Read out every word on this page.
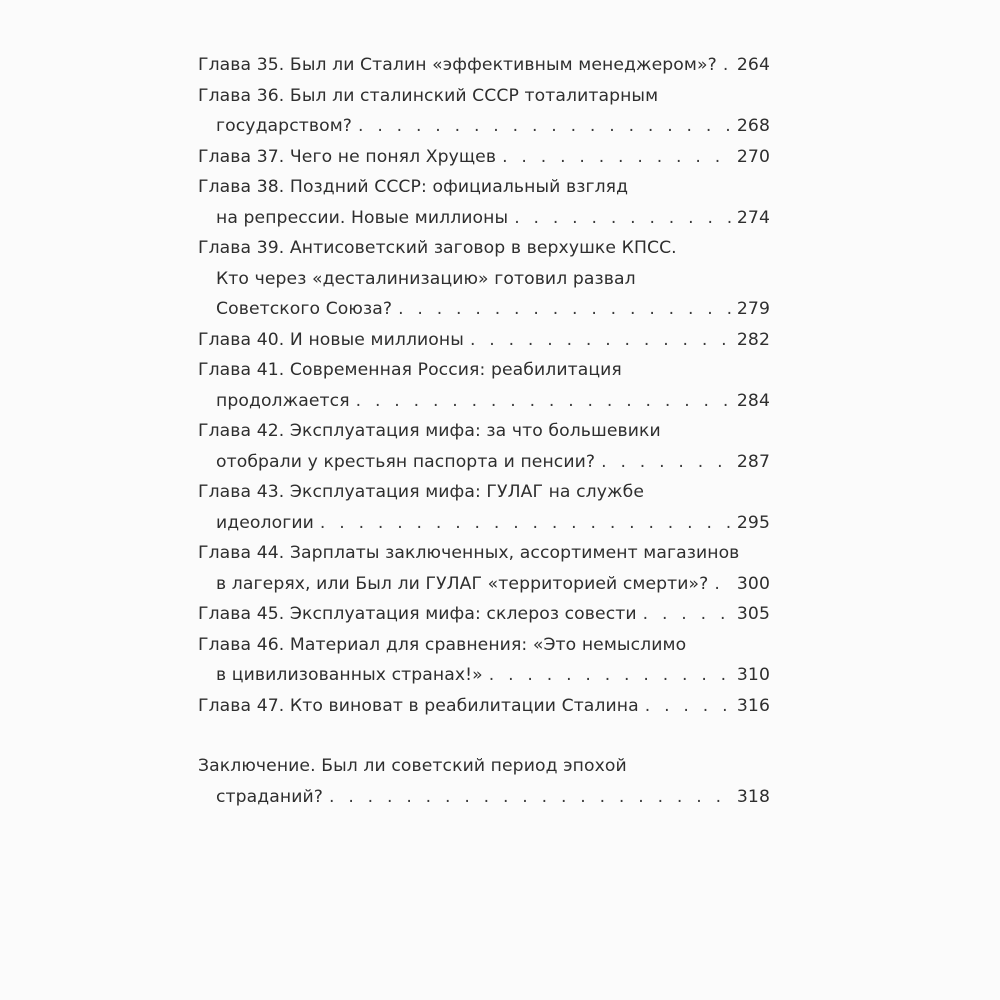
Глава 35. Был ли Сталин «эффективным менеджером»? . . . 264
Глава 36. Был ли сталинский СССР тоталитарным
государством? . . .	268
Глава 37. Чего не понял Хрущев . . .	270
Глава 38. Поздний СССР: официальный взгляд
на репрессии. Новые миллионы . . .	274
Глава 39. Антисоветский заговор в верхушке КПСС.
Кто через «десталинизацию» готовил развал
Советского Союза? . . .	279
Глава 40. И новые миллионы . . .	282
Глава 41. Современная Россия: реабилитация
продолжается . . .	284
Глава 42. Эксплуатация мифа: за что большевики
отобрали у крестьян паспорта и пенсии? . . .	287
Глава 43. Эксплуатация мифа: ГУЛАГ на службе
идеологии . . .	295
Глава 44. Зарплаты заключенных, ассортимент магазинов
в лагерях, или Был ли ГУЛАГ «территорией смерти»? . . . 300
Глава 45. Эксплуатация мифа: склероз совести . . .	305
Глава 46. Материал для сравнения: «Это немыслимо
в цивилизованных странах!» . . .	310
Глава 47. Кто виноват в реабилитации Сталина . . .	316
Заключение. Был ли советский период эпохой
страданий? . . .	318
